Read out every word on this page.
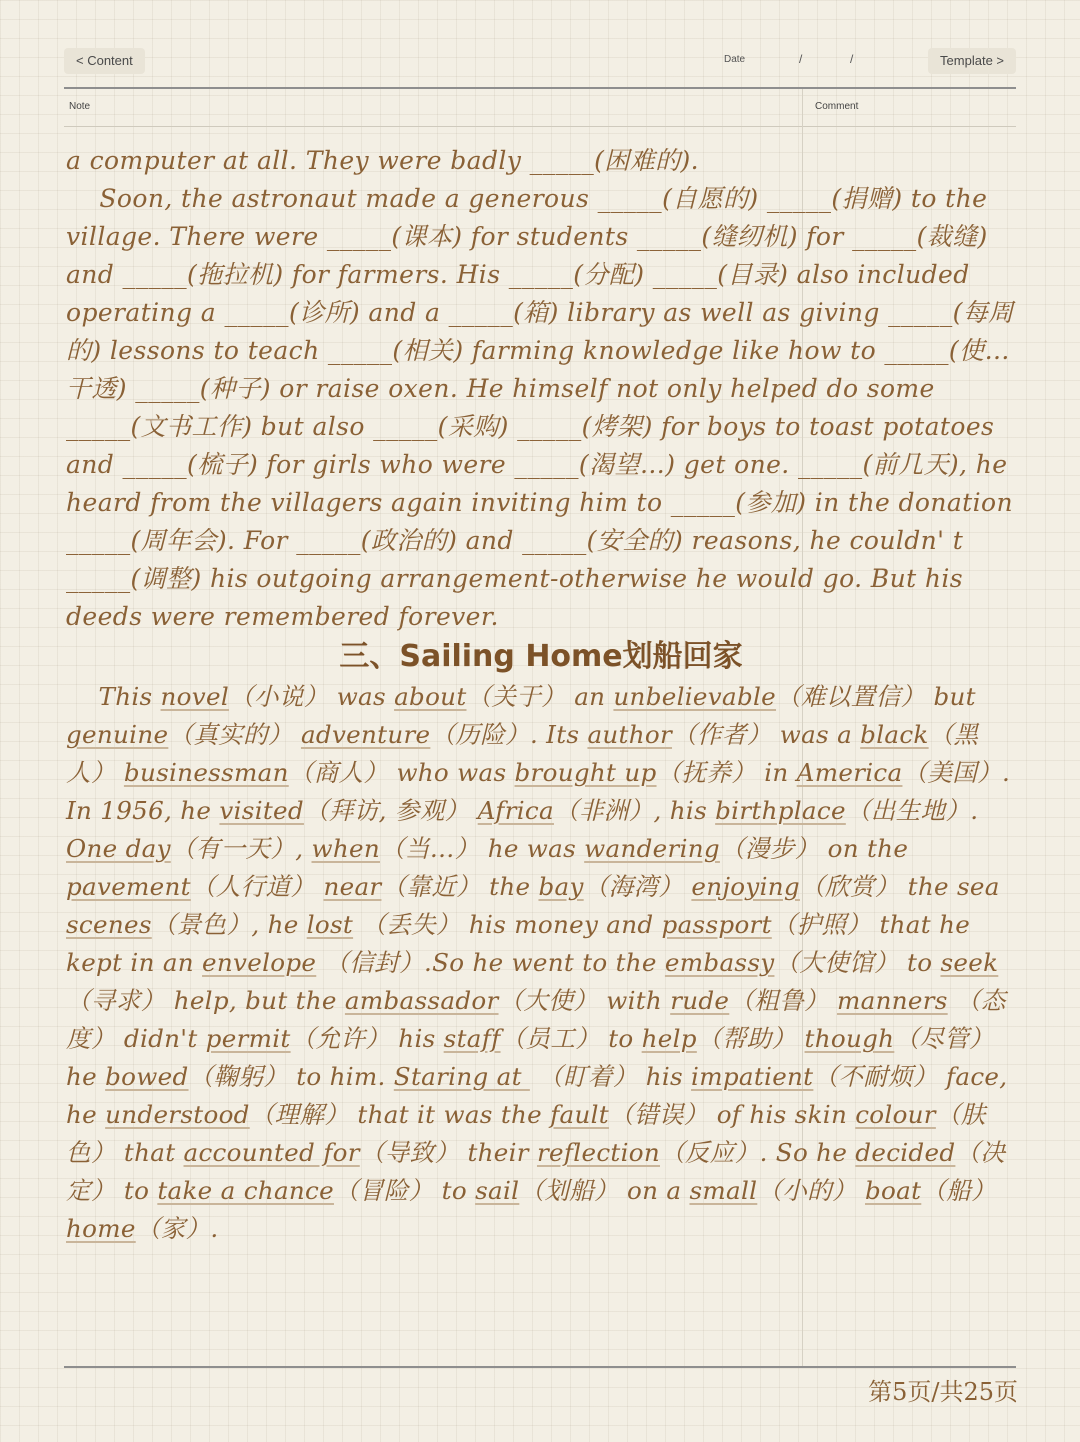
< Content	Date	/	/	Template >
Note	Comment
a computer at all. They were badly _____(困难的).
Soon, the astronaut made a generous _____(自愿的) _____(捐赠) to the village. There were _____(课本) for students _____(缝纫机) for _____(裁缝) and _____(拖拉机) for farmers. His _____(分配) _____(目录) also included operating a _____(诊所) and a _____(箱) library as well as giving _____(每周的) lessons to teach _____(相关) farming knowledge like how to _____(使…干透) _____(种子) or raise oxen. He himself not only helped do some _____(文书工作) but also _____(采购) _____(烤架) for boys to toast potatoes and _____(梳子) for girls who were _____(渴望…) get one. _____(前几天), he heard from the villagers again inviting him to _____(参加) in the donation _____(周年会). For _____(政治的) and _____(安全的) reasons, he couldn' t _____(调整) his outgoing arrangement-otherwise he would go. But his deeds were remembered forever.
三、Sailing Home划船回家
This novel（小说） was about（关于） an unbelievable（难以置信） but genuine（真实的） adventure（历险）. Its author（作者） was a black（黑人） businessman（商人） who was brought up（抚养） in America（美国）. In 1956, he visited（拜访, 参观） Africa（非洲）, his birthplace（出生地）. One day（有一天）, when（当…） he was wandering（漫步） on the pavement（人行道） near（靠近） the bay（海湾） enjoying（欣赏） the sea scenes（景色）, he lost （丢失） his money and passport（护照） that he kept in an envelope （信封）.So he went to the embassy（大使馆） to seek（寻求） help, but the ambassador（大使） with rude（粗鲁） manners （态度） didn't permit（允许） his staff（员工） to help（帮助） though（尽管） he bowed（鞠躬） to him. Staring at  （盯着） his impatient（不耐烦） face, he understood（理解） that it was the fault（错误） of his skin colour（肤色） that accounted for（导致） their reflection（反应）. So he decided（决定） to take a chance（冒险） to sail（划船） on a small（小的） boat（船） home（家）.
第5页/共25页
